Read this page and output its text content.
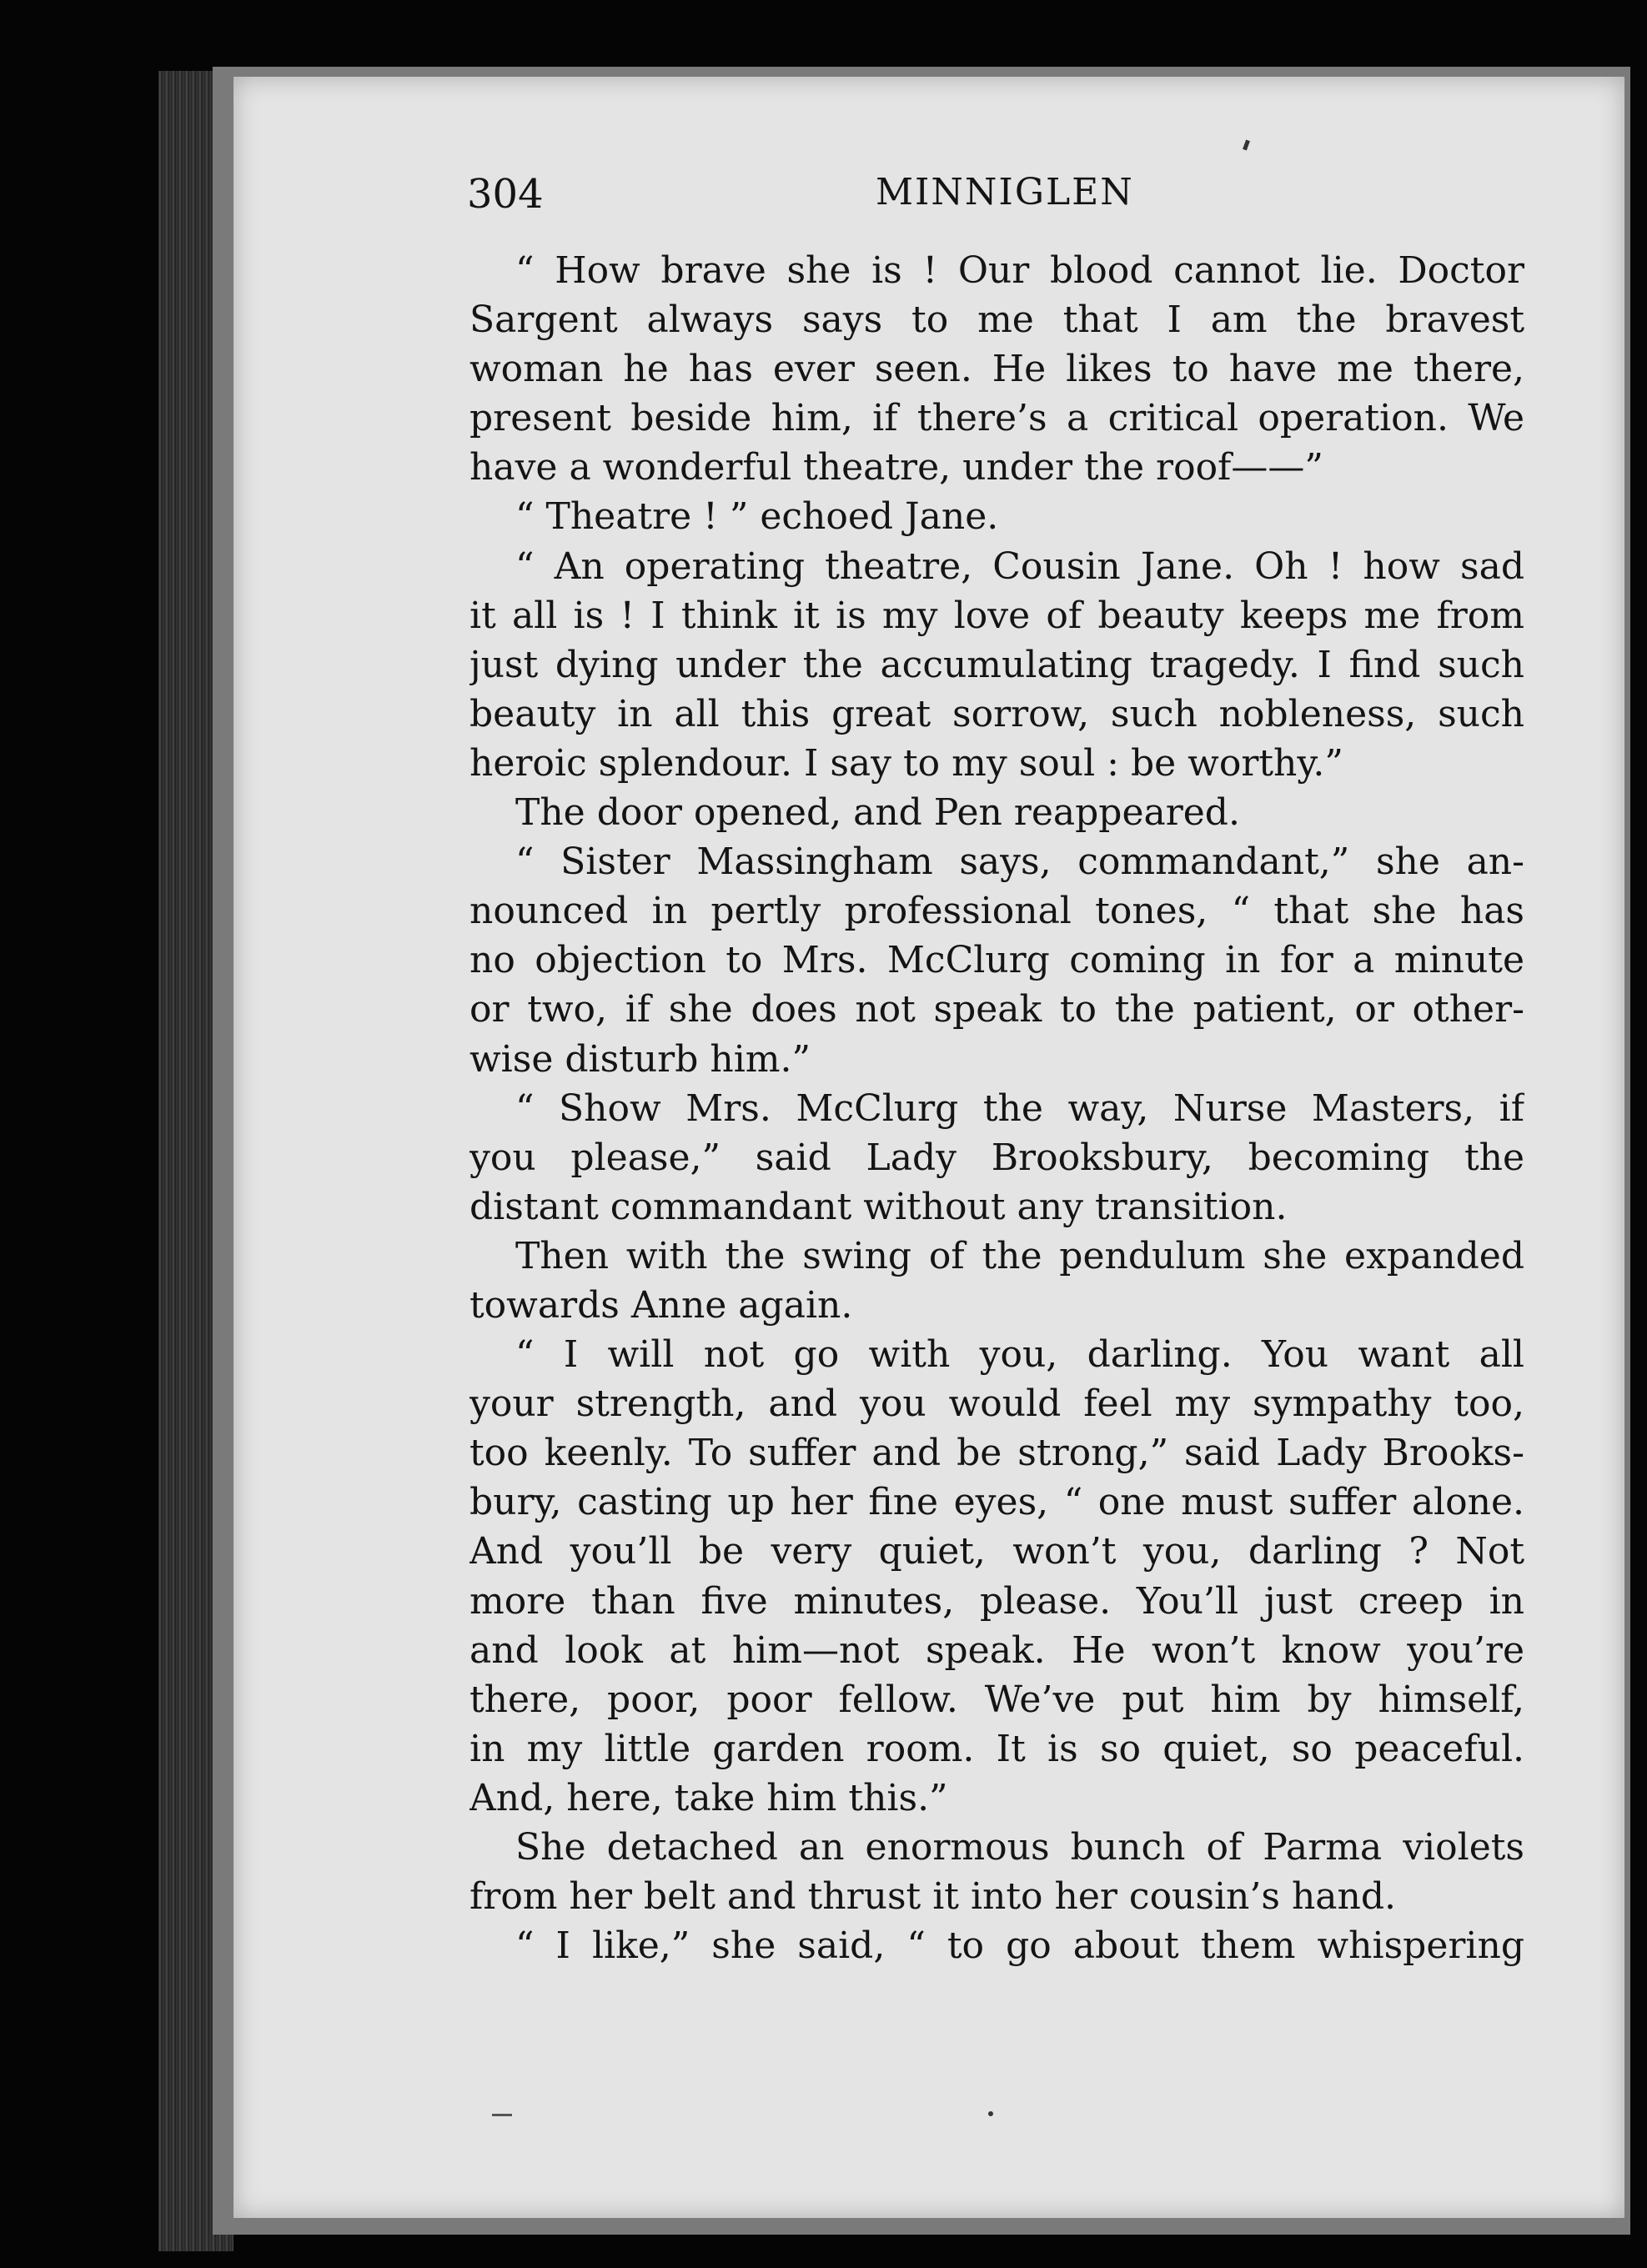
304	MINNIGLEN
“ How brave she is ! Our blood cannot lie. Doctor
Sargent always says to me that I am the bravest
woman he has ever seen. He likes to have me there,
present beside him, if there’s a critical operation. We
have a wonderful theatre, under the roof——”
“ Theatre ! ” echoed Jane.
“ An operating theatre, Cousin Jane. Oh ! how sad
it all is ! I think it is my love of beauty keeps me from
just dying under the accumulating tragedy. I find such
beauty in all this great sorrow, such nobleness, such
heroic splendour. I say to my soul : be worthy.”
The door opened, and Pen reappeared.
“ Sister Massingham says, commandant,” she an-
nounced in pertly professional tones, “ that she has
no objection to Mrs. McClurg coming in for a minute
or two, if she does not speak to the patient, or other-
wise disturb him.”
“ Show Mrs. McClurg the way, Nurse Masters, if
you please,” said Lady Brooksbury, becoming the
distant commandant without any transition.
Then with the swing of the pendulum she expanded
towards Anne again.
“ I will not go with you, darling. You want all
your strength, and you would feel my sympathy too,
too keenly. To suffer and be strong,” said Lady Brooks-
bury, casting up her fine eyes, “ one must suffer alone.
And you’ll be very quiet, won’t you, darling ? Not
more than five minutes, please. You’ll just creep in
and look at him—not speak. He won’t know you’re
there, poor, poor fellow. We’ve put him by himself,
in my little garden room. It is so quiet, so peaceful.
And, here, take him this.”
She detached an enormous bunch of Parma violets
from her belt and thrust it into her cousin’s hand.
“ I like,” she said, “ to go about them whispering
